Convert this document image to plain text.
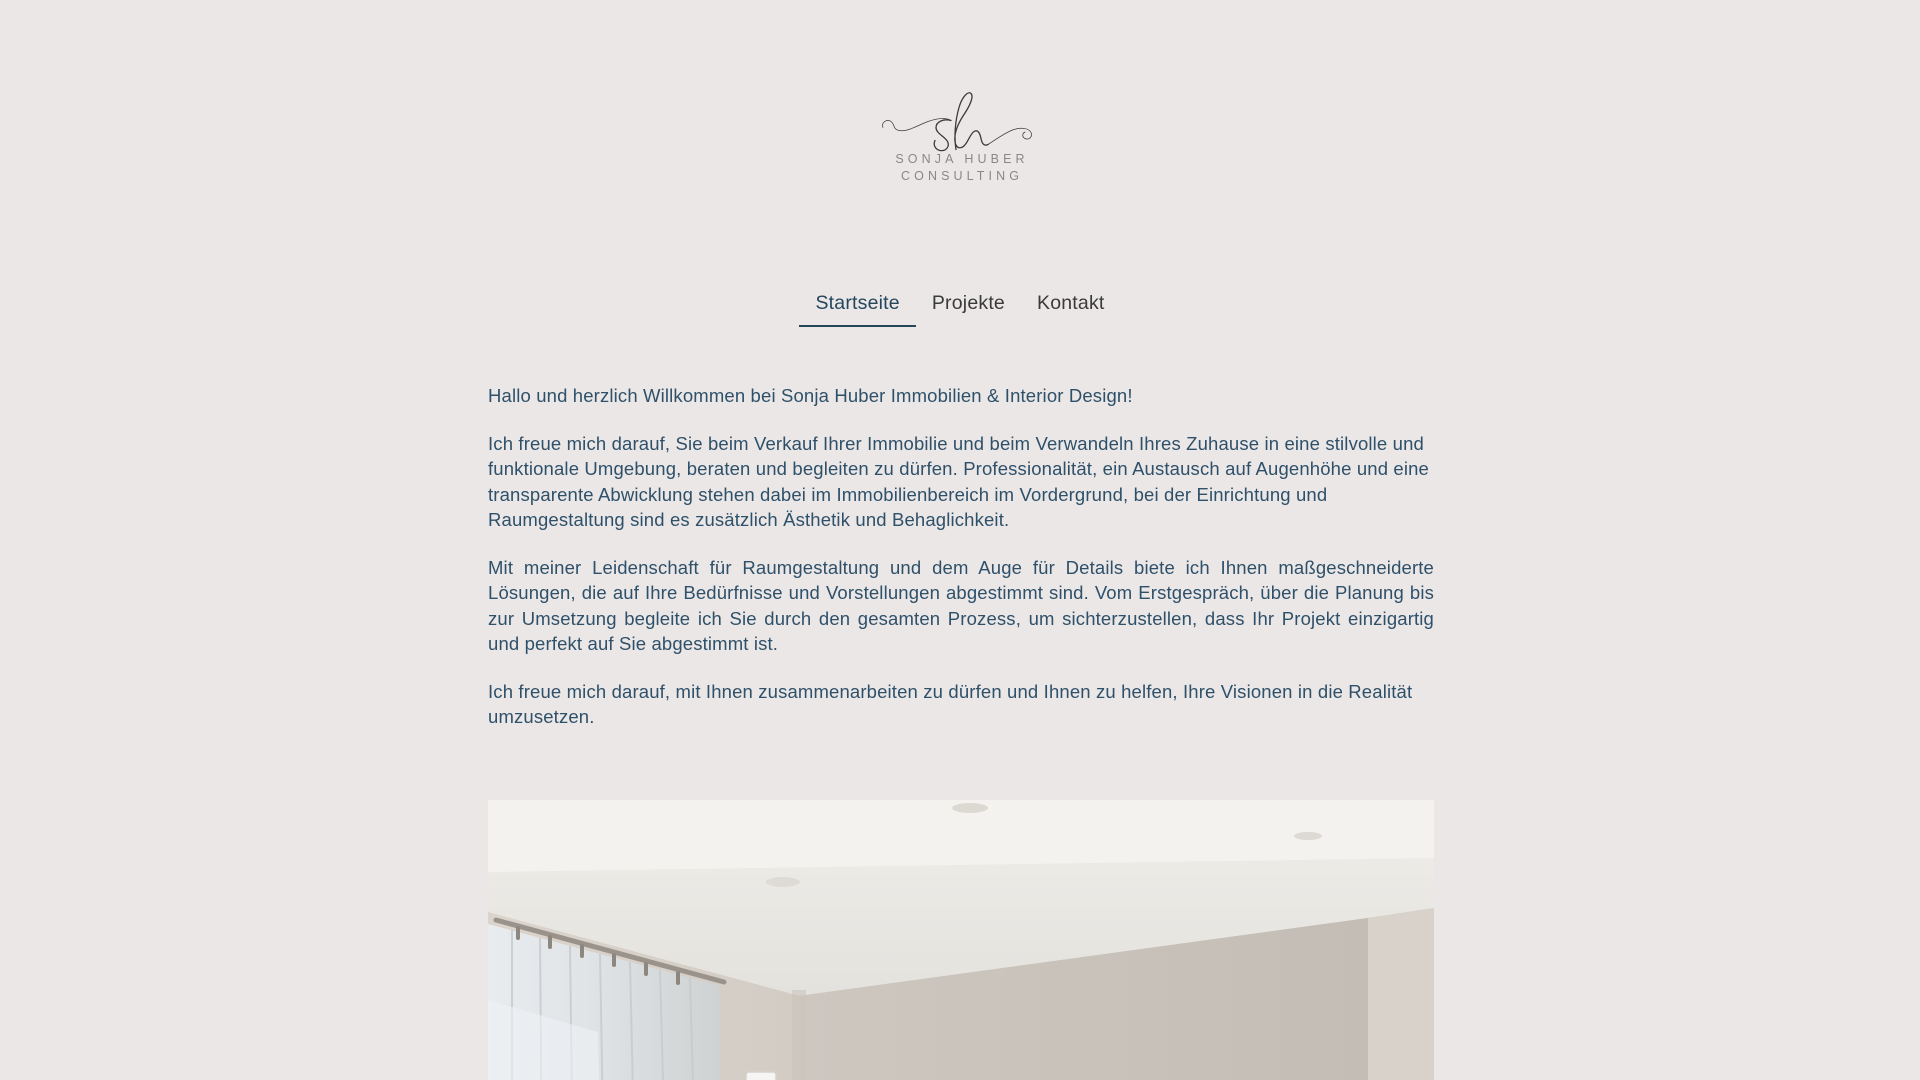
SONJA HUBER
CONSULTING
Startseite	Projekte	Kontakt

Hallo und herzlich Willkommen bei Sonja Huber Immobilien & Interior Design!

Ich freue mich darauf, Sie beim Verkauf Ihrer Immobilie und beim Verwandeln Ihres Zuhause in eine stilvolle und funktionale Umgebung, beraten und begleiten zu dürfen. Professionalität, ein Austausch auf Augenhöhe und eine transparente Abwicklung stehen dabei im Immobilienbereich im Vordergrund, bei der Einrichtung und Raumgestaltung sind es zusätzlich Ästhetik und Behaglichkeit.

Mit meiner Leidenschaft für Raumgestaltung und dem Auge für Details biete ich Ihnen maßgeschneiderte Lösungen, die auf Ihre Bedürfnisse und Vorstellungen abgestimmt sind. Vom Erstgespräch, über die Planung bis zur Umsetzung begleite ich Sie durch den gesamten Prozess, um sichterzustellen, dass Ihr Projekt einzigartig und perfekt auf Sie abgestimmt ist.

Ich freue mich darauf, mit Ihnen zusammenarbeiten zu dürfen und Ihnen zu helfen, Ihre Visionen in die Realität umzusetzen.
